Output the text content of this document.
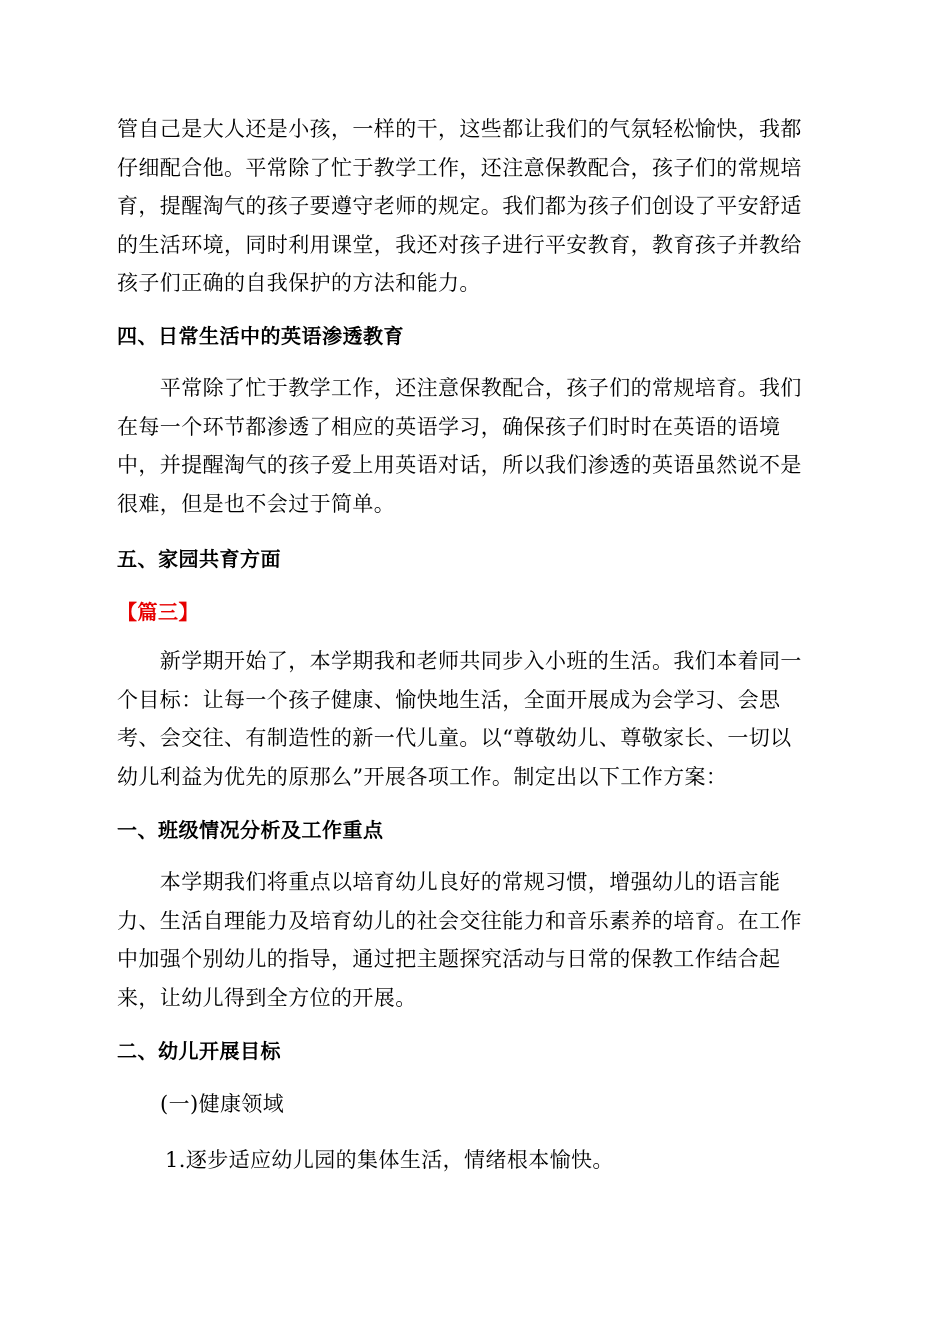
管自己是大人还是小孩，一样的干，这些都让我们的气氛轻松愉快，我都
仔细配合他。平常除了忙于教学工作，还注意保教配合，孩子们的常规培
育，提醒淘气的孩子要遵守老师的规定。我们都为孩子们创设了平安舒适
的生活环境，同时利用课堂，我还对孩子进行平安教育，教育孩子并教给
孩子们正确的自我保护的方法和能力。

四、日常生活中的英语渗透教育

　　平常除了忙于教学工作，还注意保教配合，孩子们的常规培育。我们
在每一个环节都渗透了相应的英语学习，确保孩子们时时在英语的语境
中，并提醒淘气的孩子爱上用英语对话，所以我们渗透的英语虽然说不是
很难，但是也不会过于简单。

五、家园共育方面
【篇三】

　　新学期开始了，本学期我和老师共同步入小班的生活。我们本着同一
个目标：让每一个孩子健康、愉快地生活，全面开展成为会学习、会思
考、会交往、有制造性的新一代儿童。以“尊敬幼儿、尊敬家长、一切以
幼儿利益为优先的原那么”开展各项工作。制定出以下工作方案：

一、班级情况分析及工作重点

　　本学期我们将重点以培育幼儿良好的常规习惯，增强幼儿的语言能
力、生活自理能力及培育幼儿的社会交往能力和音乐素养的培育。在工作
中加强个别幼儿的指导，通过把主题探究活动与日常的保教工作结合起
来，让幼儿得到全方位的开展。

二、幼儿开展目标

(一)健康领域

1.逐步适应幼儿园的集体生活，情绪根本愉快。
